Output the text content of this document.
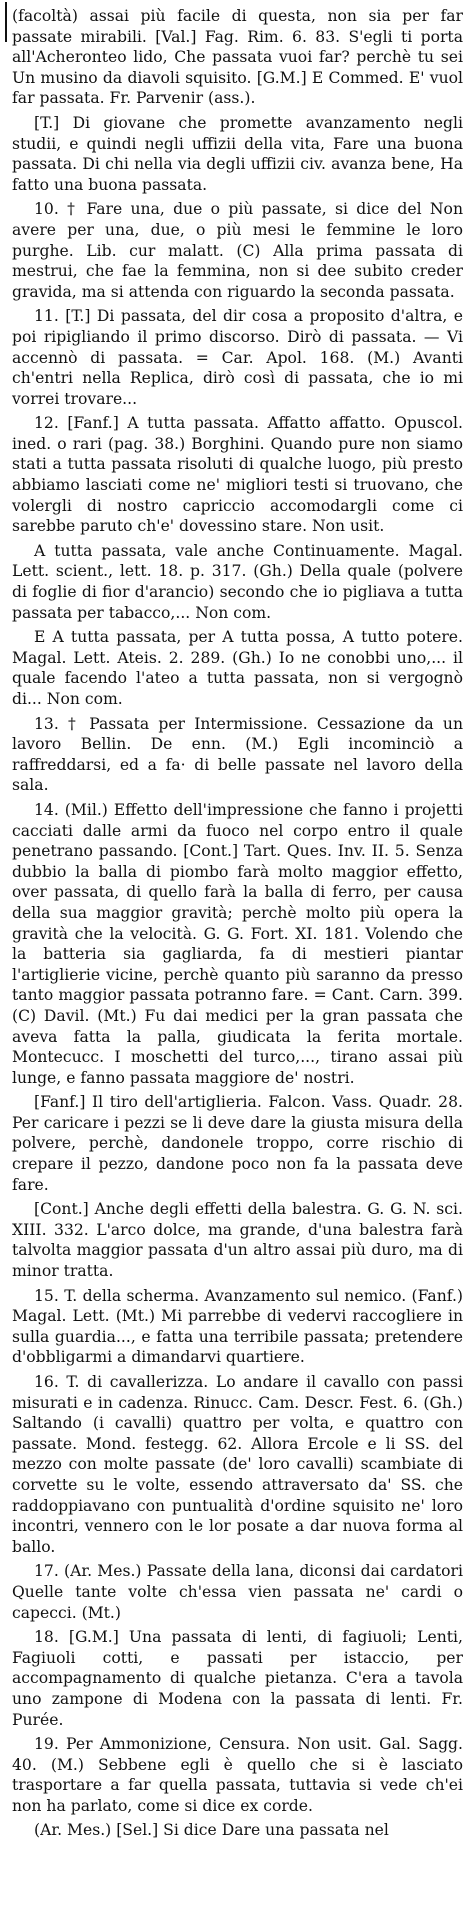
(facoltà) assai più facile di questa, non sia per far passate mirabili. [Val.] Fag. Rim. 6. 83. S'egli ti porta all'Acheronteo lido, Che passata vuoi far? perchè tu sei Un musino da diavoli squisito. [G.M.] E Commed. E' vuol far passata. Fr. Parvenir (ass.).

[T.] Di giovane che promette avanzamento negli studii, e quindi negli uffizii della vita, Fare una buona passata. Di chi nella via degli uffizii civ. avanza bene, Ha fatto una buona passata.

10. † Fare una, due o più passate, si dice del Non avere per una, due, o più mesi le femmine le loro purghe. Lib. cur malatt. (C) Alla prima passata di mestrui, che fae la femmina, non si dee subito creder gravida, ma si attenda con riguardo la seconda passata.

11. [T.] Di passata, del dir cosa a proposito d'altra, e poi ripigliando il primo discorso. Dirò di passata. — Vi accennò di passata. = Car. Apol. 168. (M.) Avanti ch'entri nella Replica, dirò così di passata, che io mi vorrei trovare...

12. [Fanf.] A tutta passata. Affatto affatto. Opuscol. ined. o rari (pag. 38.) Borghini. Quando pure non siamo stati a tutta passata risoluti di qualche luogo, più presto abbiamo lasciati come ne' migliori testi si truovano, che volergli di nostro capriccio accomodargli come ci sarebbe paruto ch'e' dovessino stare. Non usit.

A tutta passata, vale anche Continuamente. Magal. Lett. scient., lett. 18. p. 317. (Gh.) Della quale (polvere di foglie di fior d'arancio) secondo che io pigliava a tutta passata per tabacco,... Non com.

E A tutta passata, per A tutta possa, A tutto potere. Magal. Lett. Ateis. 2. 289. (Gh.) Io ne conobbi uno,... il quale facendo l'ateo a tutta passata, non si vergognò di... Non com.

13. † Passata per Intermissione. Cessazione da un lavoro Bellin. De enn. (M.) Egli incominciò a raffreddarsi, ed a fa· di belle passate nel lavoro della sala.

14. (Mil.) Effetto dell'impressione che fanno i projetti cacciati dalle armi da fuoco nel corpo entro il quale penetrano passando. [Cont.] Tart. Ques. Inv. II. 5. Senza dubbio la balla di piombo farà molto maggior effetto, over passata, di quello farà la balla di ferro, per causa della sua maggior gravità; perchè molto più opera la gravità che la velocità. G. G. Fort. XI. 181. Volendo che la batteria sia gagliarda, fa di mestieri piantar l'artiglierie vicine, perchè quanto più saranno da presso tanto maggior passata potranno fare. = Cant. Carn. 399. (C) Davil. (Mt.) Fu dai medici per la gran passata che aveva fatta la palla, giudicata la ferita mortale. Montecucc. I moschetti del turco,..., tirano assai più lunge, e fanno passata maggiore de' nostri.

[Fanf.] Il tiro dell'artiglieria. Falcon. Vass. Quadr. 28. Per caricare i pezzi se li deve dare la giusta misura della polvere, perchè, dandonele troppo, corre rischio di crepare il pezzo, dandone poco non fa la passata deve fare.

[Cont.] Anche degli effetti della balestra. G. G. N. sci. XIII. 332. L'arco dolce, ma grande, d'una balestra farà talvolta maggior passata d'un altro assai più duro, ma di minor tratta.

15. T. della scherma. Avanzamento sul nemico. (Fanf.) Magal. Lett. (Mt.) Mi parrebbe di vedervi raccogliere in sulla guardia..., e fatta una terribile passata; pretendere d'obbligarmi a dimandarvi quartiere.

16. T. di cavallerizza. Lo andare il cavallo con passi misurati e in cadenza. Rinucc. Cam. Descr. Fest. 6. (Gh.) Saltando (i cavalli) quattro per volta, e quattro con passate. Mond. festegg. 62. Allora Ercole e li SS. del mezzo con molte passate (de' loro cavalli) scambiate di corvette su le volte, essendo attraversato da' SS. che raddoppiavano con puntualità d'ordine squisito ne' loro incontri, vennero con le lor posate a dar nuova forma al ballo.

17. (Ar. Mes.) Passate della lana, diconsi dai cardatori Quelle tante volte ch'essa vien passata ne' cardi o capecci. (Mt.)

18. [G.M.] Una passata di lenti, di fagiuoli; Lenti, Fagiuoli cotti, e passati per istaccio, per accompagnamento di qualche pietanza. C'era a tavola uno zampone di Modena con la passata di lenti. Fr. Purée.

19. Per Ammonizione, Censura. Non usit. Gal. Sagg. 40. (M.) Sebbene egli è quello che si è lasciato trasportare a far quella passata, tuttavia si vede ch'ei non ha parlato, come si dice ex corde.

(Ar. Mes.) [Sel.] Si dice Dare una passata nel
